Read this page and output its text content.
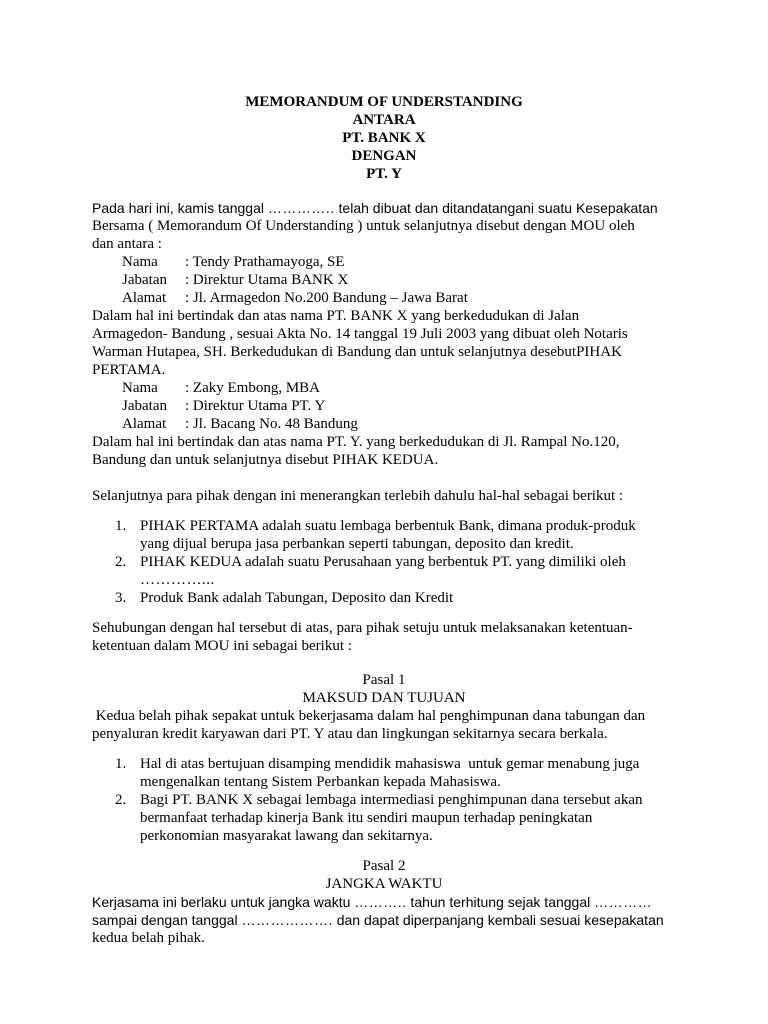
MEMORANDUM OF UNDERSTANDING
ANTARA
PT. BANK X
DENGAN
PT. Y
Pada hari ini, kamis tanggal ………….. telah dibuat dan ditandatangani suatu Kesepakatan
Bersama ( Memorandum Of Understanding ) untuk selanjutnya disebut dengan MOU oleh
dan antara :
Nama : Tendy Prathamayoga, SE
Jabatan : Direktur Utama BANK X
Alamat : Jl. Armagedon No.200 Bandung – Jawa Barat
Dalam hal ini bertindak dan atas nama PT. BANK X yang berkedudukan di Jalan
Armagedon- Bandung , sesuai Akta No. 14 tanggal 19 Juli 2003 yang dibuat oleh Notaris
Warman Hutapea, SH. Berkedudukan di Bandung dan untuk selanjutnya desebutPIHAK
PERTAMA.
Nama : Zaky Embong, MBA
Jabatan : Direktur Utama PT. Y
Alamat : Jl. Bacang No. 48 Bandung
Dalam hal ini bertindak dan atas nama PT. Y. yang berkedudukan di Jl. Rampal No.120,
Bandung dan untuk selanjutnya disebut PIHAK KEDUA.
Selanjutnya para pihak dengan ini menerangkan terlebih dahulu hal-hal sebagai berikut :
1. PIHAK PERTAMA adalah suatu lembaga berbentuk Bank, dimana produk-produk
yang dijual berupa jasa perbankan seperti tabungan, deposito dan kredit.
2. PIHAK KEDUA adalah suatu Perusahaan yang berbentuk PT. yang dimiliki oleh
…………...
3. Produk Bank adalah Tabungan, Deposito dan Kredit
Sehubungan dengan hal tersebut di atas, para pihak setuju untuk melaksanakan ketentuan-
ketentuan dalam MOU ini sebagai berikut :
Pasal 1
MAKSUD DAN TUJUAN
Kedua belah pihak sepakat untuk bekerjasama dalam hal penghimpunan dana tabungan dan
penyaluran kredit karyawan dari PT. Y atau dan lingkungan sekitarnya secara berkala.
1. Hal di atas bertujuan disamping mendidik mahasiswa  untuk gemar menabung juga
mengenalkan tentang Sistem Perbankan kepada Mahasiswa.
2. Bagi PT. BANK X sebagai lembaga intermediasi penghimpunan dana tersebut akan
bermanfaat terhadap kinerja Bank itu sendiri maupun terhadap peningkatan
perkonomian masyarakat lawang dan sekitarnya.
Pasal 2
JANGKA WAKTU
Kerjasama ini berlaku untuk jangka waktu ……….. tahun terhitung sejak tanggal …………
sampai dengan tanggal ………………. dan dapat diperpanjang kembali sesuai kesepakatan
kedua belah pihak.
